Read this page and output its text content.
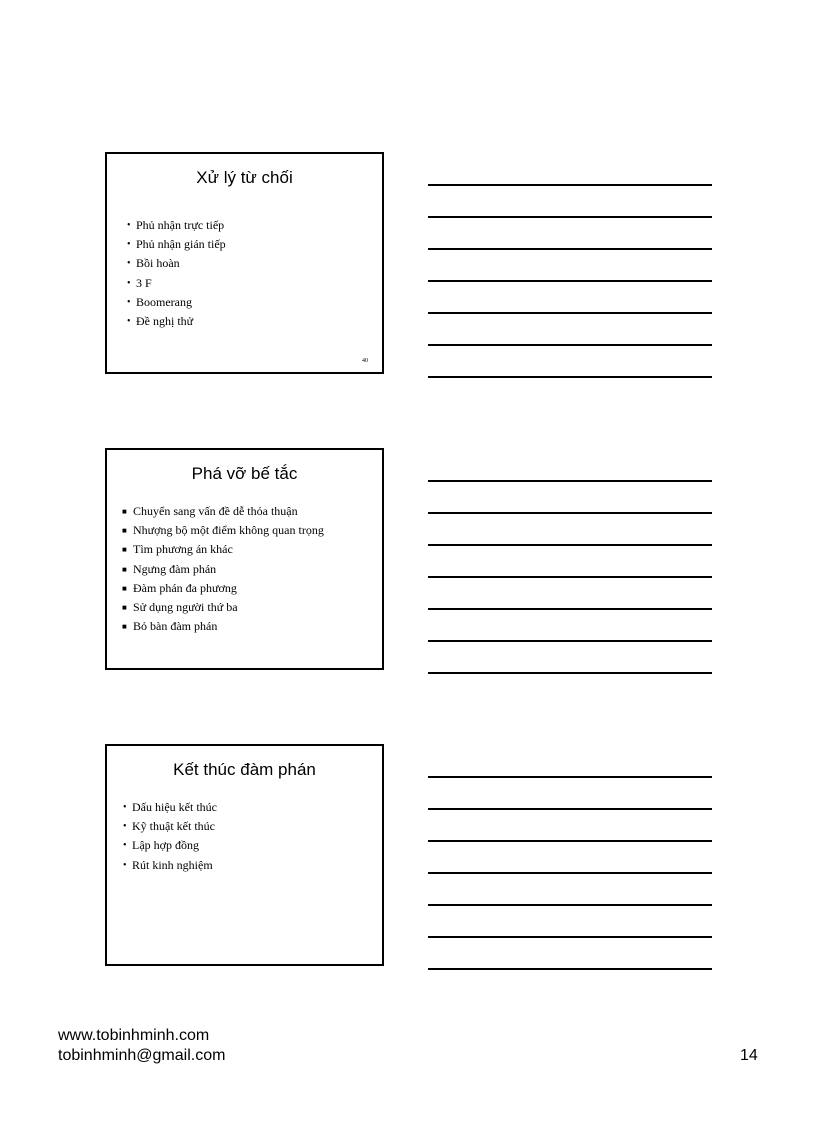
Xử lý từ chối
• Phủ nhận trực tiếp
• Phủ nhận gián tiếp
• Bồi hoàn
• 3 F
• Boomerang
• Đề nghị thử
40
Phá vỡ bế tắc
■ Chuyển sang vấn đề dễ thỏa thuận
■ Nhượng bộ một điểm không quan trọng
■ Tìm phương án khác
■ Ngưng đàm phán
■ Đàm phán đa phương
■ Sử dụng người thứ ba
■ Bỏ bàn đàm phán
Kết thúc đàm phán
• Dấu hiệu kết thúc
• Kỹ thuật kết thúc
• Lập hợp đồng
• Rút kinh nghiệm
www.tobinhminh.com
tobinhminh@gmail.com	14
